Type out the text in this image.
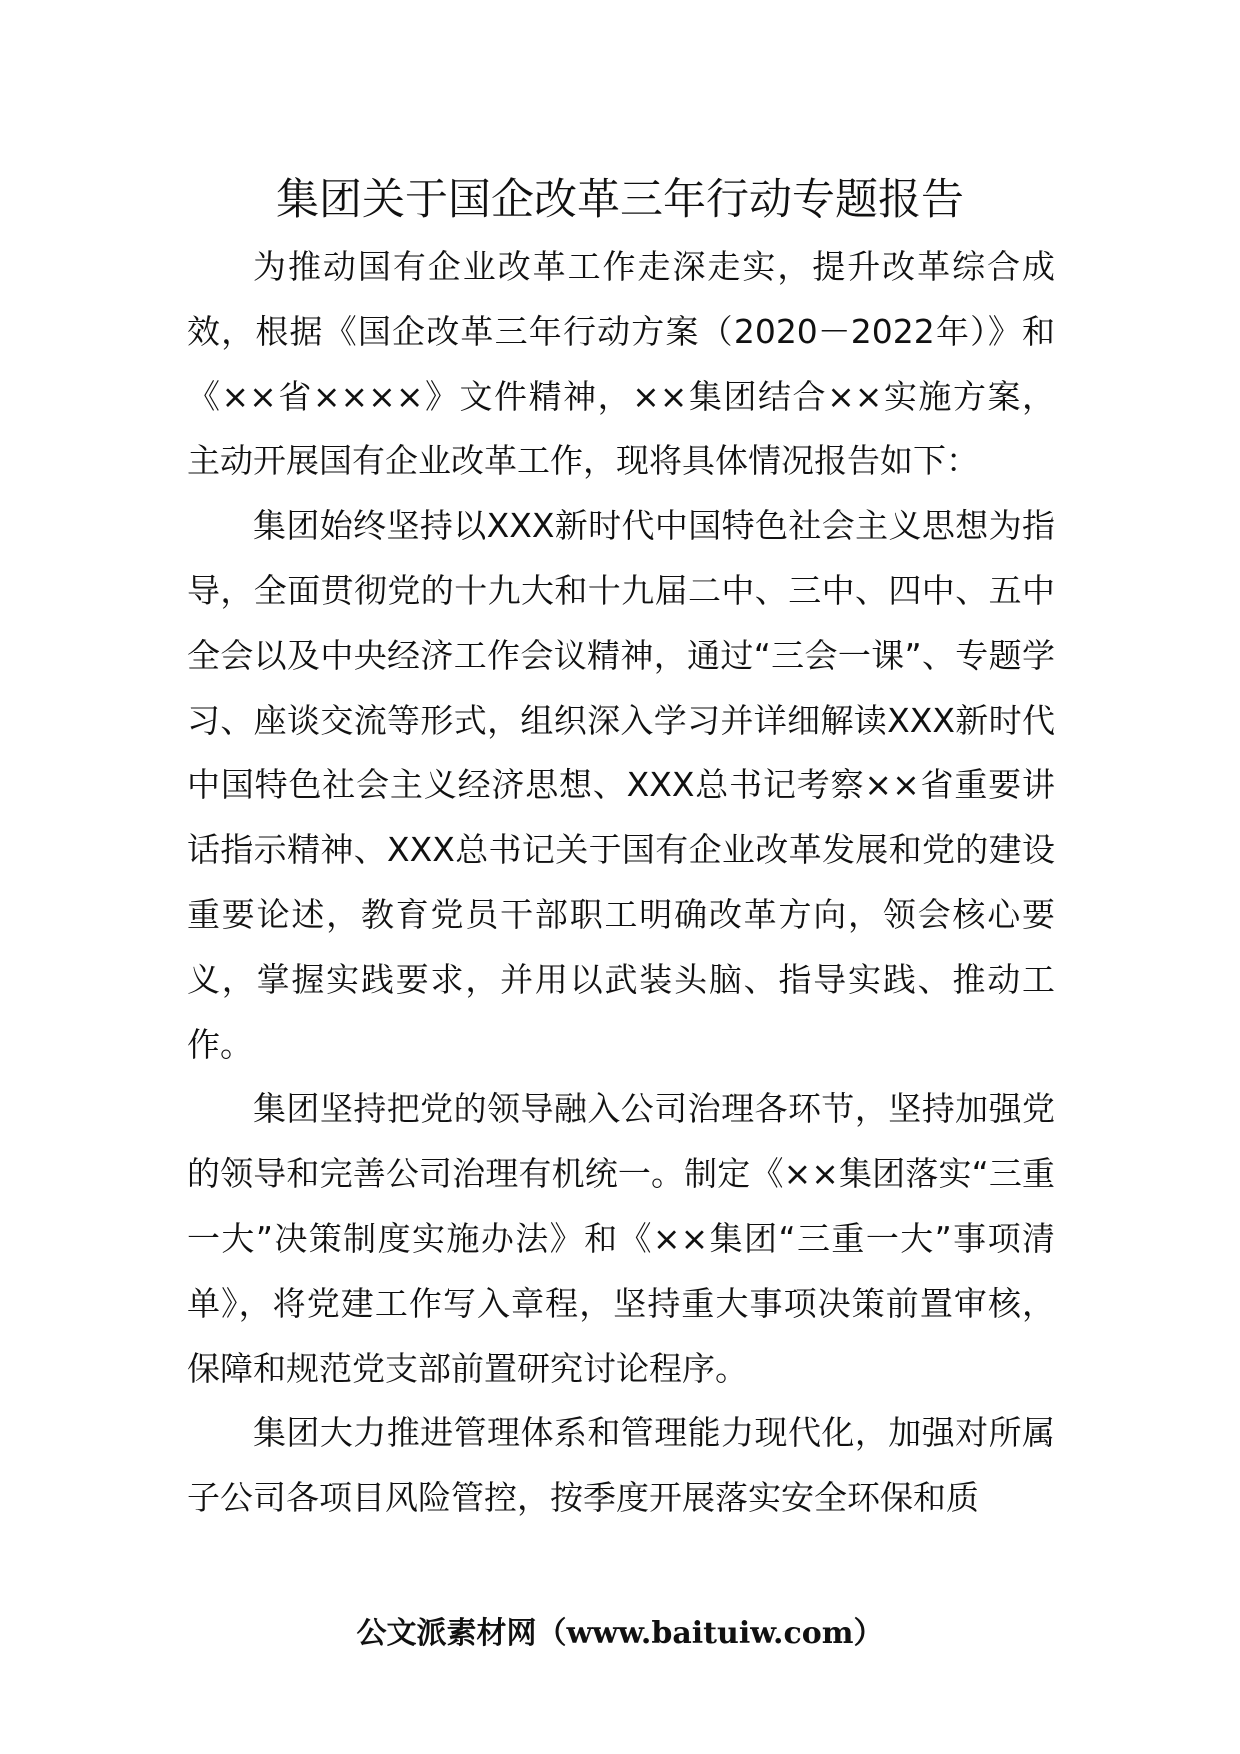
集团关于国企改革三年行动专题报告

为推动国有企业改革工作走深走实，提升改革综合成效，根据《国企改革三年行动方案（2020－2022年）》和《××省××××》文件精神，××集团结合××实施方案，主动开展国有企业改革工作，现将具体情况报告如下：

集团始终坚持以XXX新时代中国特色社会主义思想为指导，全面贯彻党的十九大和十九届二中、三中、四中、五中全会以及中央经济工作会议精神，通过“三会一课”、专题学习、座谈交流等形式，组织深入学习并详细解读XXX新时代中国特色社会主义经济思想、XXX总书记考察××省重要讲话指示精神、XXX总书记关于国有企业改革发展和党的建设重要论述，教育党员干部职工明确改革方向，领会核心要义，掌握实践要求，并用以武装头脑、指导实践、推动工作。

集团坚持把党的领导融入公司治理各环节，坚持加强党的领导和完善公司治理有机统一。制定《××集团落实“三重一大”决策制度实施办法》和《××集团“三重一大”事项清单》，将党建工作写入章程，坚持重大事项决策前置审核，保障和规范党支部前置研究讨论程序。

集团大力推进管理体系和管理能力现代化，加强对所属子公司各项目风险管控，按季度开展落实安全环保和质

公文派素材网（www.baituiw.com）
